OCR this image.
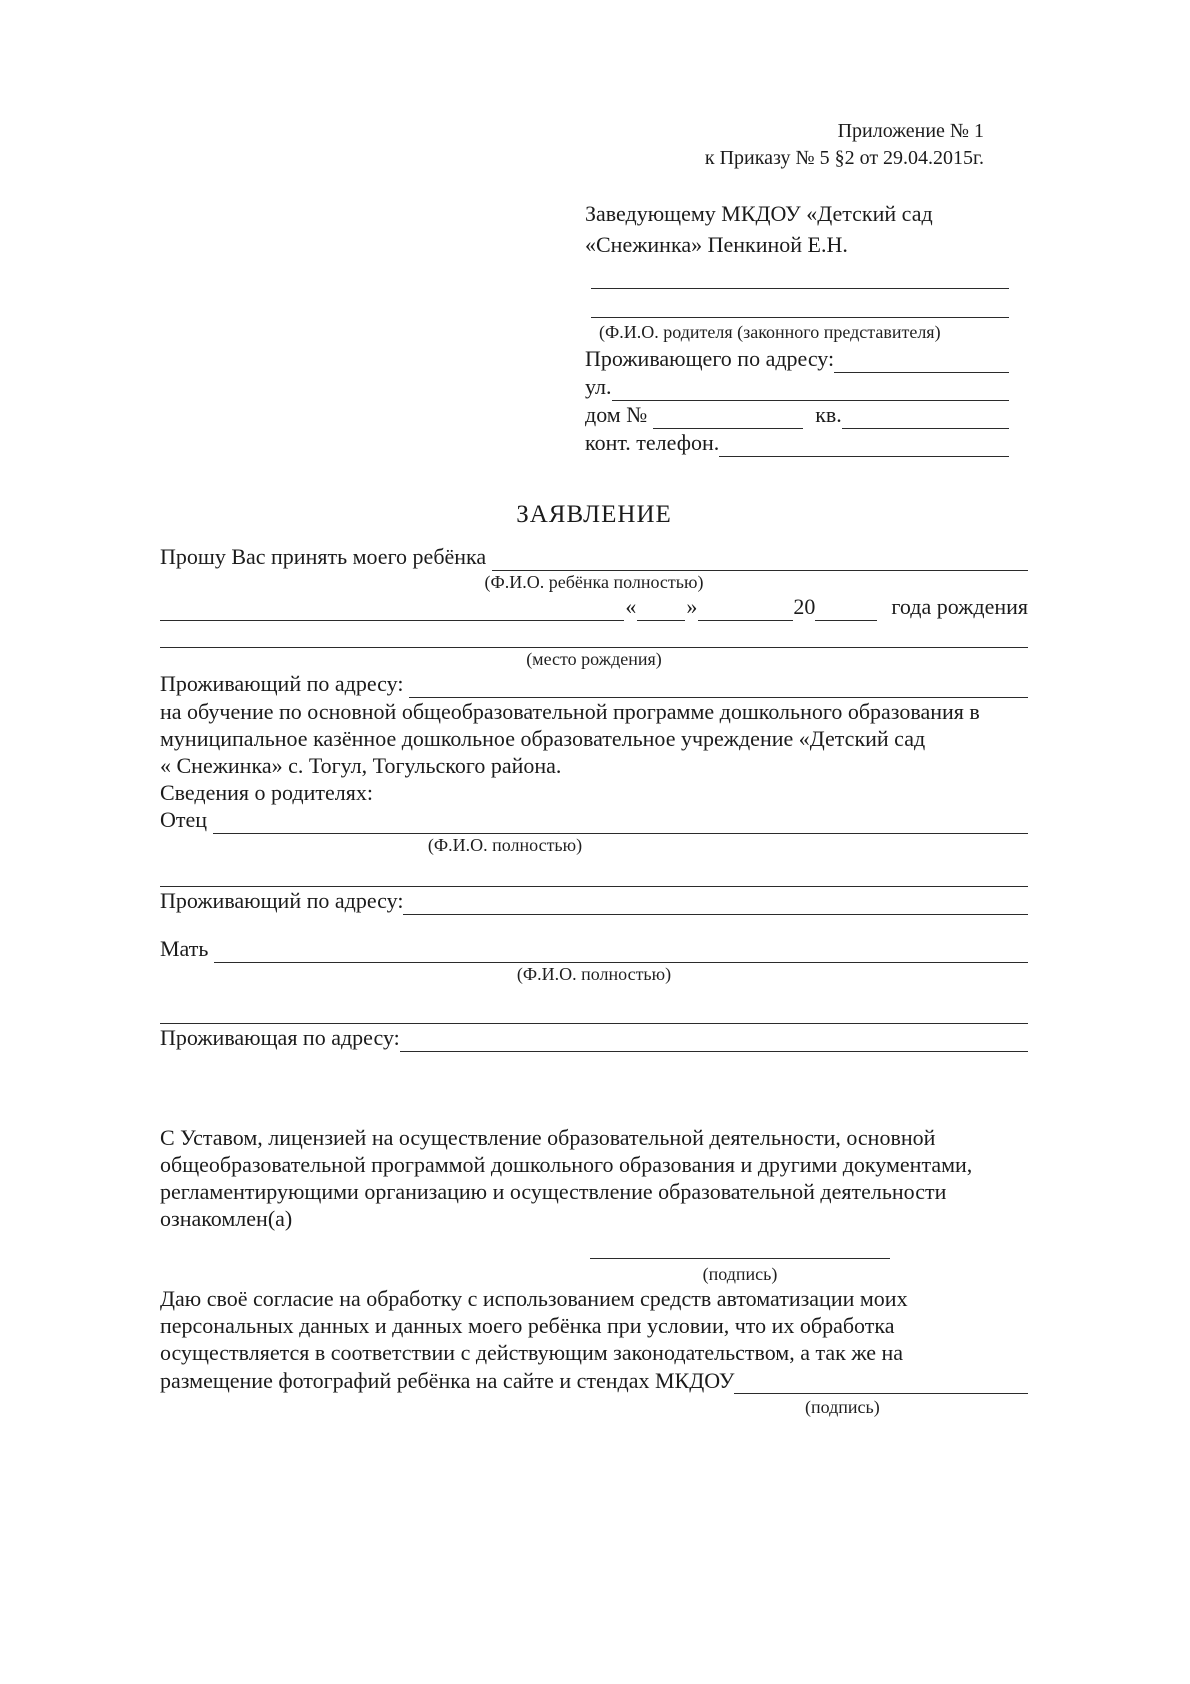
Приложение № 1
к Приказу № 5 §2 от 29.04.2015г.
Заведующему МКДОУ «Детский сад
«Снежинка» Пенкиной Е.Н.
(Ф.И.О. родителя (законного представителя)
Проживающего по адресу:
ул.
дом №	кв.
конт. телефон.
ЗАЯВЛЕНИЕ
Прошу Вас принять моего ребёнка
(Ф.И.О. ребёнка полностью)
« »	20	года рождения
(место рождения)
Проживающий по адресу:
на обучение по основной общеобразовательной программе дошкольного образования в
муниципальное казённое дошкольное образовательное учреждение «Детский сад
« Снежинка» с. Тогул, Тогульского района.
Сведения о родителях:
Отец
(Ф.И.О. полностью)
Проживающий по адресу:
Мать
(Ф.И.О. полностью)
Проживающая по адресу:
С Уставом, лицензией на осуществление образовательной деятельности, основной
общеобразовательной программой дошкольного образования и другими документами,
регламентирующими организацию и осуществление образовательной деятельности
ознакомлен(а)
(подпись)
Даю своё согласие на обработку с использованием средств автоматизации моих
персональных данных и данных моего ребёнка при условии, что их обработка
осуществляется в соответствии с действующим законодательством, а так же на
размещение фотографий ребёнка на сайте и стендах МКДОУ
(подпись)
